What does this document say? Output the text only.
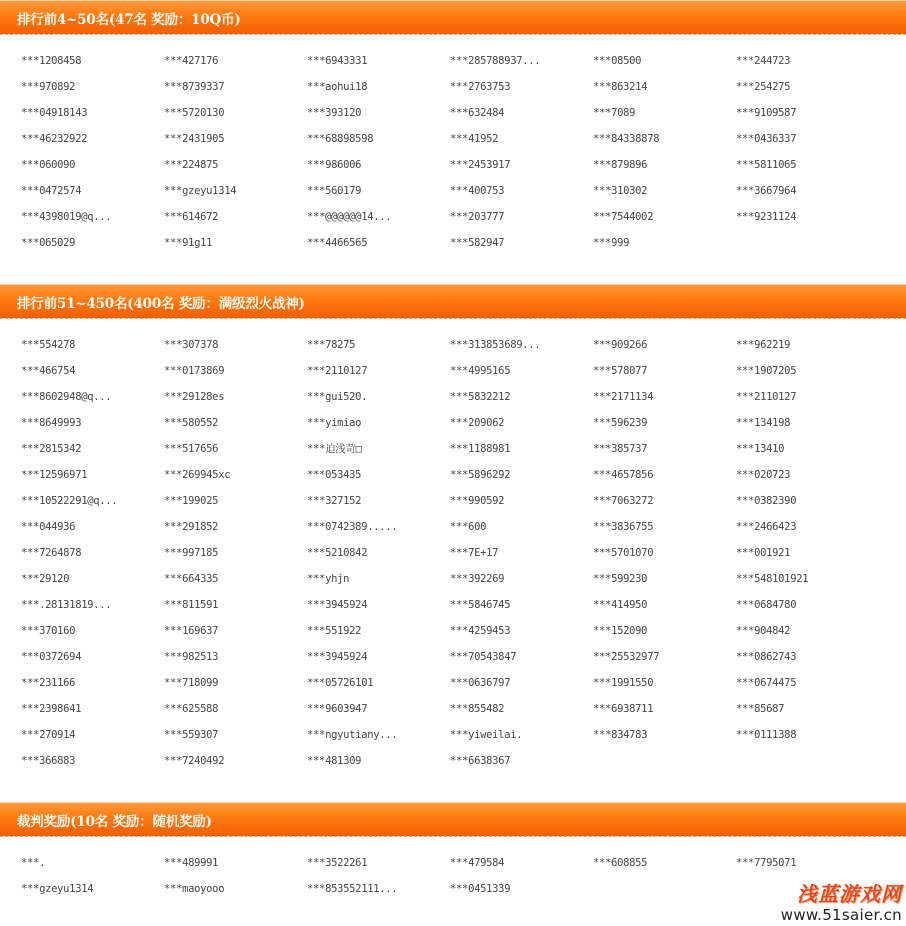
排行前4~50名(47名 奖励：10Q币)
***1208458	***427176	***6943331	***285788937...	***08500	***244723
***970892	***8739337	***aohui18	***2763753	***863214	***254275
***04918143	***5720130	***393120	***632484	***7089	***9109587
***46232922	***2431905	***68898598	***41952	***84338878	***0436337
***060090	***224875	***986006	***2453917	***879896	***5811065
***0472574	***gzeyu1314	***560179	***400753	***310302	***3667964
***4398019@q...	***614672	***@@@@@@14...	***203777	***7544002	***9231124
***065029	***91g11	***4466565	***582947	***999
排行前51~450名(400名 奖励：满级烈火战神)
***554278	***307378	***78275	***313853689...	***909266	***962219
***466754	***0173869	***2110127	***4995165	***578077	***1907205
***8602948@q...	***29128es	***gui520.	***5832212	***2171134	***2110127
***8649993	***580552	***yimiao	***209062	***596239	***134198
***2815342	***517656	***迫浅苛□	***1188981	***385737	***13410
***12596971	***269945xc	***053435	***5896292	***4657856	***020723
***10522291@q...	***199025	***327152	***990592	***7063272	***0382390
***044936	***291852	***0742389.....	***600	***3836755	***2466423
***7264878	***997185	***5210842	***7E+17	***5701070	***001921
***29120	***664335	***yhjn	***392269	***599230	***548101921
***.28131819...	***811591	***3945924	***5846745	***414950	***0684780
***370160	***169637	***551922	***4259453	***152090	***904842
***0372694	***982513	***3945924	***70543847	***25532977	***0862743
***231166	***718099	***05726101	***0636797	***1991550	***0674475
***2398641	***625588	***9603947	***855482	***6938711	***85687
***270914	***559307	***ngyutiany...	***yiweilai.	***834783	***0111388
***366883	***7240492	***481309	***6638367
裁判奖励(10名 奖励：随机奖励)
***.	***489991	***3522261	***479584	***608855	***7795071
***gzeyu1314	***maoyooo	***853552111...	***0451339	浅蓝游戏网
www.51saier.cn
